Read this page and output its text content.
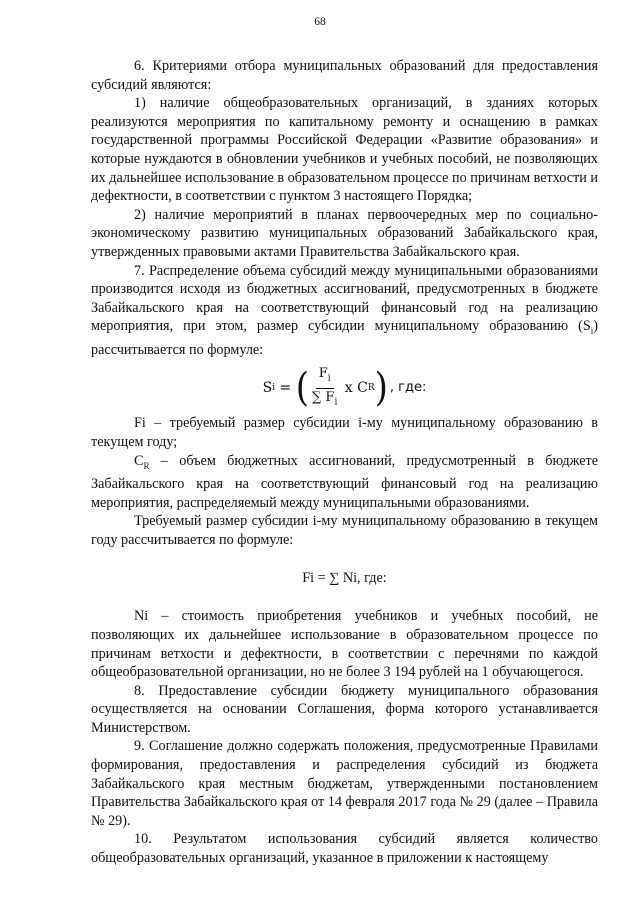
68

6. Критериями отбора муниципальных образований для предоставления субсидий являются:

1) наличие общеобразовательных организаций, в зданиях которых реализуются мероприятия по капитальному ремонту и оснащению в рамках государственной программы Российской Федерации «Развитие образования» и которые нуждаются в обновлении учебников и учебных пособий, не позволяющих их дальнейшее использование в образовательном процессе по причинам ветхости и дефектности, в соответствии с пунктом 3 настоящего Порядка;

2) наличие мероприятий в планах первоочередных мер по социально-экономическому развитию муниципальных образований Забайкальского края, утвержденных правовыми актами Правительства Забайкальского края.

7. Распределение объема субсидий между муниципальными образованиями производится исходя из бюджетных ассигнований, предусмотренных в бюджете Забайкальского края на соответствующий финансовый год на реализацию мероприятия, при этом, размер субсидии муниципальному образованию $(S_i)$ рассчитывается по формуле:

S i = ( $\frac{F_i}{\sum F_i}$ x C R ) , где:

Fi – требуемый размер субсидии i-му муниципальному образованию в текущем году;

$C_R$ – объем бюджетных ассигнований, предусмотренный в бюджете Забайкальского края на соответствующий финансовый год на реализацию мероприятия, распределяемый между муниципальными образованиями.

Требуемый размер субсидии i-му муниципальному образованию в текущем году рассчитывается по формуле:

Fi = ∑ Ni, где:

Ni – стоимость приобретения учебников и учебных пособий, не позволяющих их дальнейшее использование в образовательном процессе по причинам ветхости и дефектности, в соответствии с перечнями по каждой общеобразовательной организации, но не более 3 194 рублей на 1 обучающегося.

8. Предоставление субсидии бюджету муниципального образования осуществляется на основании Соглашения, форма которого устанавливается Министерством.

9. Соглашение должно содержать положения, предусмотренные Правилами формирования, предоставления и распределения субсидий из бюджета Забайкальского края местным бюджетам, утвержденными постановлением Правительства Забайкальского края от 14 февраля 2017 года № 29 (далее – Правила № 29).

10. Результатом использования субсидий является количество общеобразовательных организаций, указанное в приложении к настоящему
